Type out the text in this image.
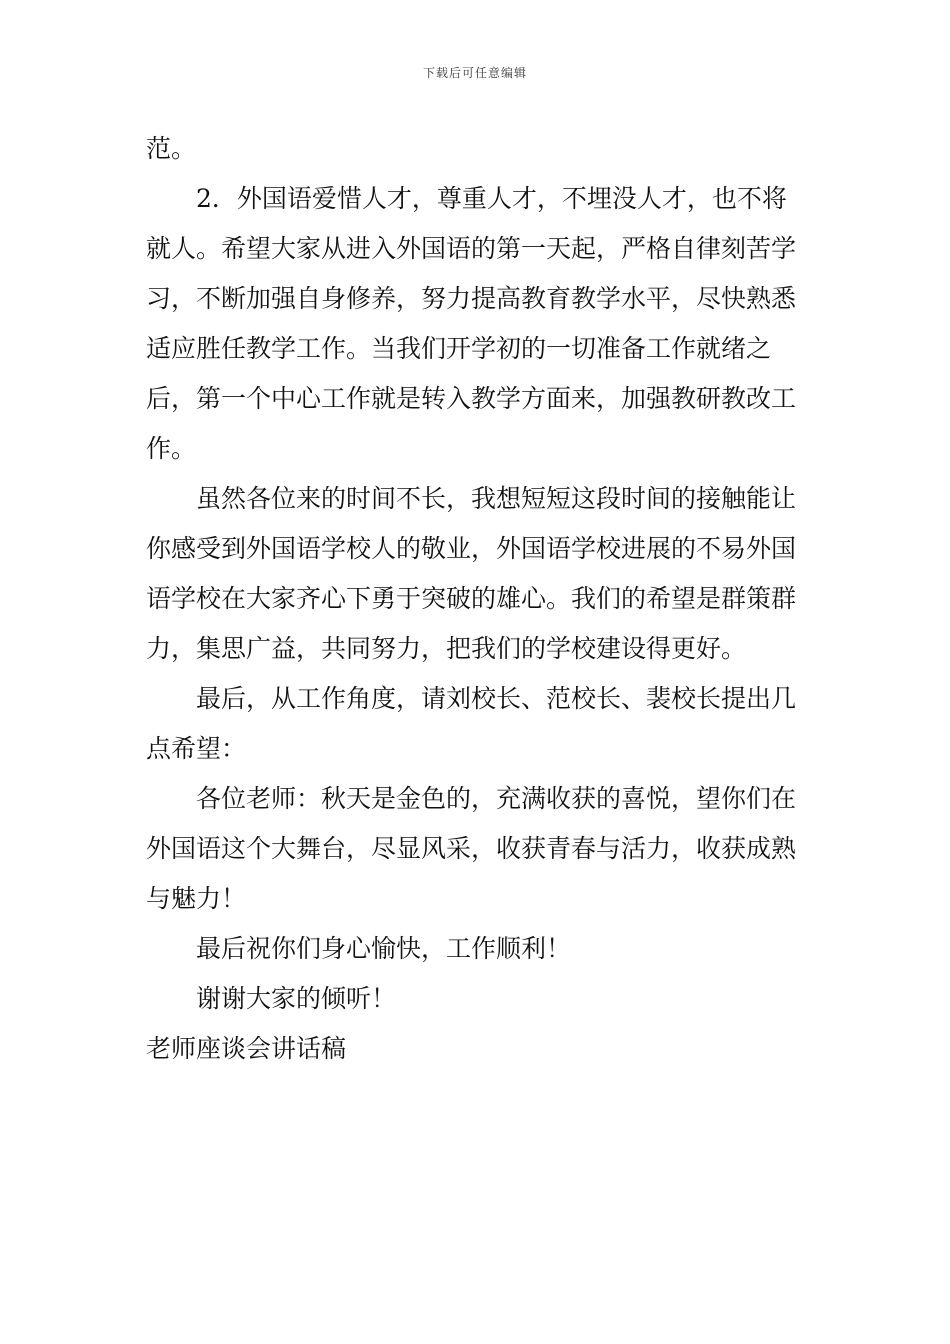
下载后可任意编辑

范。

2．外国语爱惜人才，尊重人才，不埋没人才，也不将就人。希望大家从进入外国语的第一天起，严格自律刻苦学习，不断加强自身修养，努力提高教育教学水平，尽快熟悉适应胜任教学工作。当我们开学初的一切准备工作就绪之后，第一个中心工作就是转入教学方面来，加强教研教改工作。

虽然各位来的时间不长，我想短短这段时间的接触能让你感受到外国语学校人的敬业，外国语学校进展的不易外国语学校在大家齐心下勇于突破的雄心。我们的希望是群策群力，集思广益，共同努力，把我们的学校建设得更好。

最后，从工作角度，请刘校长、范校长、裴校长提出几点希望：

各位老师：秋天是金色的，充满收获的喜悦，望你们在外国语这个大舞台，尽显风采，收获青春与活力，收获成熟与魅力！

最后祝你们身心愉快，工作顺利！

谢谢大家的倾听！

老师座谈会讲话稿
